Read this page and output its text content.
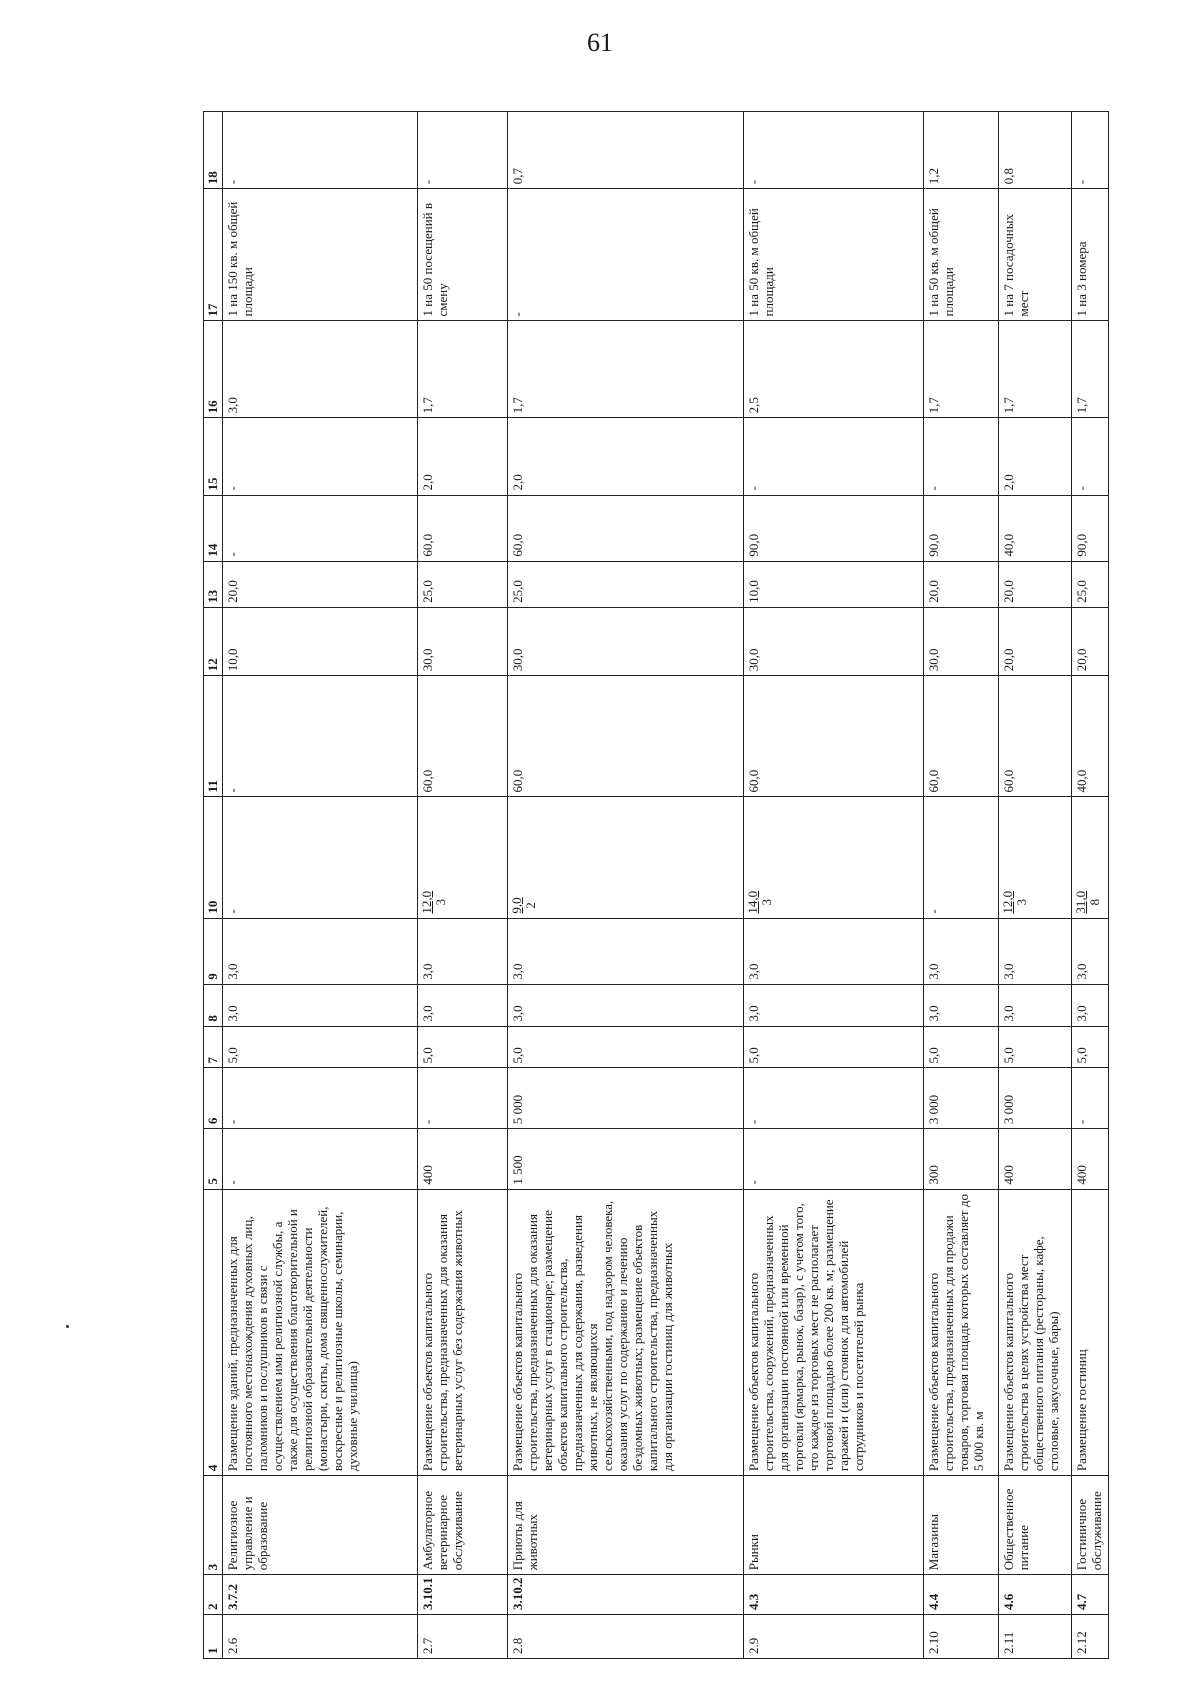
61
1	2	3	4	5	6	7	8	9	10	11	12	13	14	15	16	17	18
2.6	3.7.2	Религиозное управление и образование	Размещение зданий, предназначенных для постоянного местонахождения духовных лиц, паломников и послушников в связи с осуществлением ими религиозной службы, а также для осуществления благотворительной и религиозной образовательной деятельности (монастыри, скиты, дома священнослужителей, воскресные и религиозные школы, семинарии, духовные училища)	-	-	5,0	3,0	3,0	-	-	10,0	20,0	-	-	3,0	1 на 150 кв. м общей площади	-
2.7	3.10.1	Амбулаторное ветеринарное обслуживание	Размещение объектов капитального строительства, предназначенных для оказания ветеринарных услуг без содержания животных	400	-	5,0	3,0	3,0	12,0 3	60,0	30,0	25,0	60,0	2,0	1,7	1 на 50 посещений в смену	-
2.8	3.10.2	Приюты для животных	Размещение объектов капитального строительства, предназначенных для оказания ветеринарных услуг в стационаре; размещение объектов капитального строительства, предназначенных для содержания, разведения животных, не являющихся сельскохозяйственными, под надзором человека, оказания услуг по содержанию и лечению бездомных животных; размещение объектов капитального строительства, предназначенных для организации гостиниц для животных	1 500	5 000	5,0	3,0	3,0	9,0 2	60,0	30,0	25,0	60,0	2,0	1,7	-	0,7
2.9	4.3	Рынки	Размещение объектов капитального строительства, сооружений, предназначенных для организации постоянной или временной торговли (ярмарка, рынок, базар), с учетом того, что каждое из торговых мест не располагает торговой площадью более 200 кв. м; размещение гаражей и (или) стоянок для автомобилей сотрудников и посетителей рынка	-	-	5,0	3,0	3,0	14,0 3	60,0	30,0	10,0	90,0	-	2,5	1 на 50 кв. м общей площади	-
2.10	4.4	Магазины	Размещение объектов капитального строительства, предназначенных для продажи товаров, торговая площадь которых составляет до 5 000 кв. м	300	3 000	5,0	3,0	3,0	-	60,0	30,0	20,0	90,0	-	1,7	1 на 50 кв. м общей площади	1,2
2.11	4.6	Общественное питание	Размещение объектов капитального строительства в целях устройства мест общественного питания (рестораны, кафе, столовые, закусочные, бары)	400	3 000	5,0	3,0	3,0	12,0 3	60,0	20,0	20,0	40,0	2,0	1,7	1 на 7 посадочных мест	0,8
2.12	4.7	Гостиничное обслуживание	Размещение гостиниц	400	-	5,0	3,0	3,0	31,0 8	40,0	20,0	25,0	90,0	-	1,7	1 на 3 номера	-
